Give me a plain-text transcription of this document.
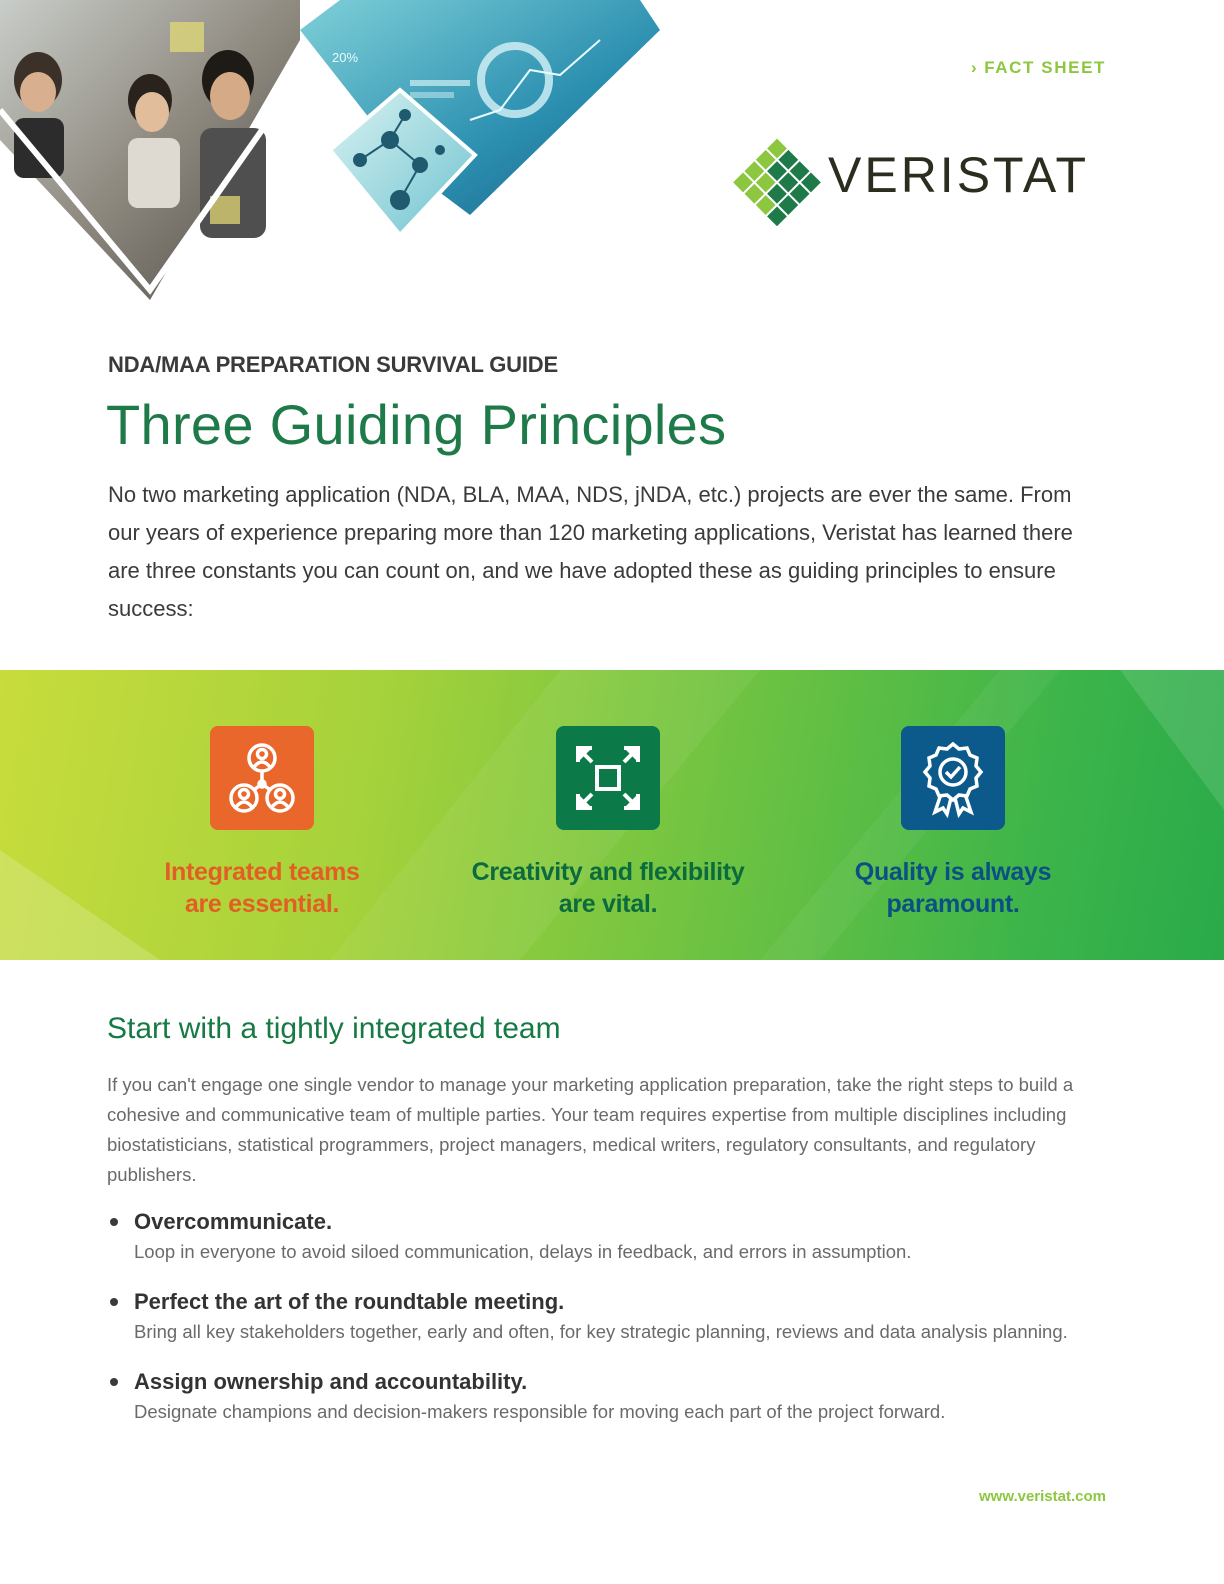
20%
› FACT SHEET
VERISTAT
NDA/MAA PREPARATION SURVIVAL GUIDE
Three Guiding Principles

No two marketing application (NDA, BLA, MAA, NDS, jNDA, etc.) projects are ever the same. From our years of experience preparing more than 120 marketing applications, Veristat has learned there are three constants you can count on, and we have adopted these as guiding principles to ensure success:

Integrated teams
are essential.
Creativity and flexibility
are vital.
Quality is always
paramount.
Start with a tightly integrated team

If you can't engage one single vendor to manage your marketing application preparation, take the right steps to build a cohesive and communicative team of multiple parties. Your team requires expertise from multiple disciplines including biostatisticians, statistical programmers, project managers, medical writers, regulatory consultants, and regulatory publishers.

Overcommunicate.
Loop in everyone to avoid siloed communication, delays in feedback, and errors in assumption.
Perfect the art of the roundtable meeting.
Bring all key stakeholders together, early and often, for key strategic planning, reviews and data analysis planning.
Assign ownership and accountability.
Designate champions and decision-makers responsible for moving each part of the project forward.
www.veristat.com
